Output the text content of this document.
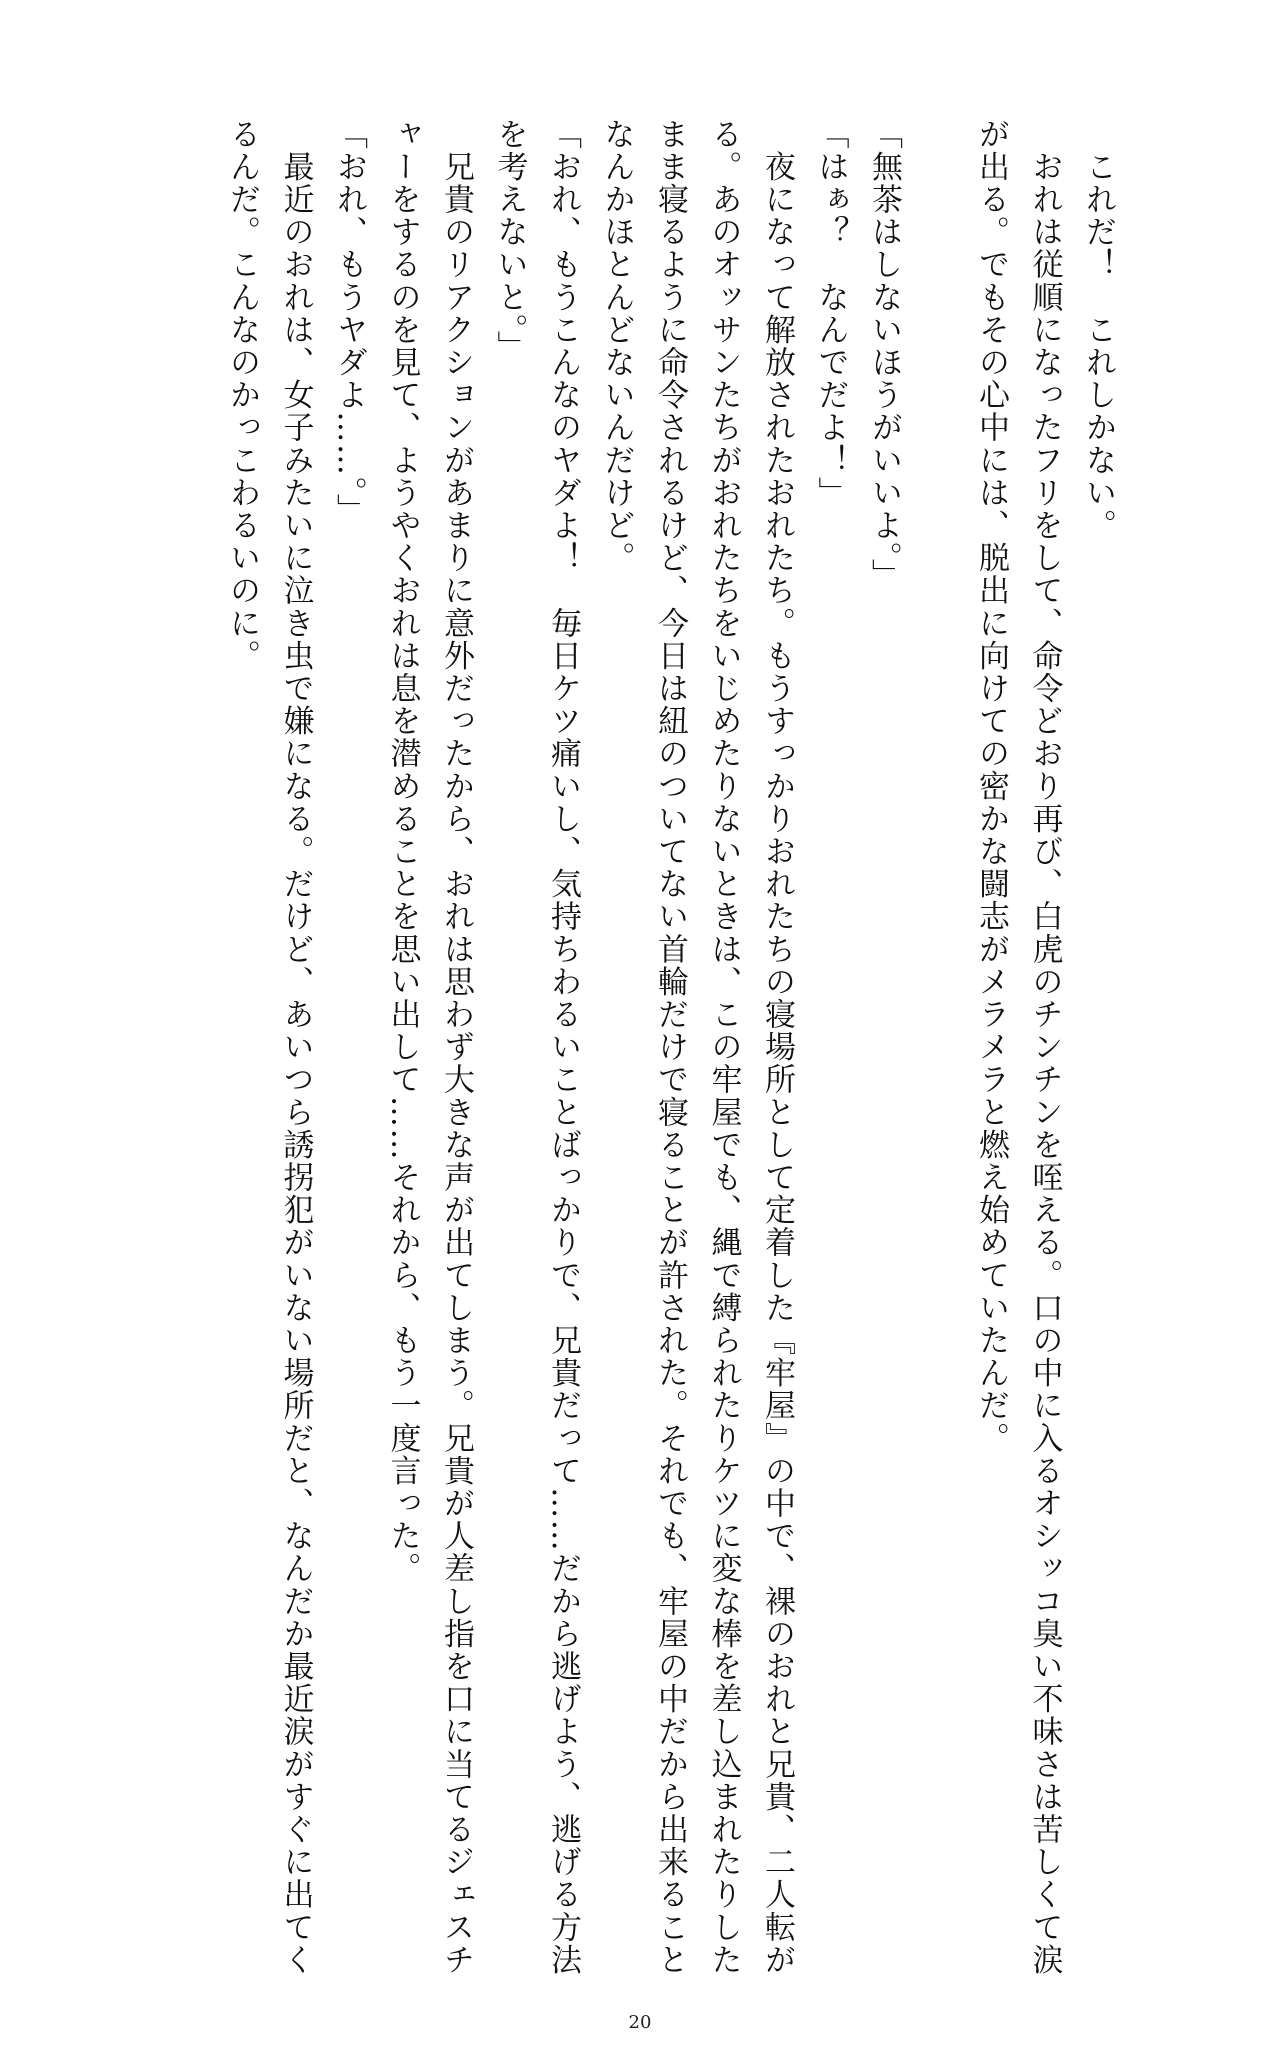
　これだ！　これしかない。
　おれは従順になったフリをして、命令どおり再び、白虎のチンチンを咥える。口の中に入るオシッコ臭い不味さは苦しくて涙
が出る。でもその心中には、脱出に向けての密かな闘志がメラメラと燃え始めていたんだ。
「無茶はしないほうがいいよ。」
「はぁ？　なんでだよ！」
　夜になって解放されたおれたち。もうすっかりおれたちの寝場所として定着した『牢屋』の中で、裸のおれと兄貴、二人転が
る。あのオッサンたちがおれたちをいじめたりないときは、この牢屋でも、縄で縛られたりケツに変な棒を差し込まれたりした
まま寝るように命令されるけど、今日は紐のついてない首輪だけで寝ることが許された。それでも、牢屋の中だから出来ること
なんかほとんどないんだけど。
「おれ、もうこんなのヤダよ！　毎日ケツ痛いし、気持ちわるいことばっかりで、兄貴だって……だから逃げよう、逃げる方法
を考えないと。」
　兄貴のリアクションがあまりに意外だったから、おれは思わず大きな声が出てしまう。兄貴が人差し指を口に当てるジェスチ
ャーをするのを見て、ようやくおれは息を潜めることを思い出して……それから、もう一度言った。
「おれ、もうヤダよ……。」
　最近のおれは、女子みたいに泣き虫で嫌になる。だけど、あいつら誘拐犯がいない場所だと、なんだか最近涙がすぐに出てく
るんだ。こんなのかっこわるいのに。
20
